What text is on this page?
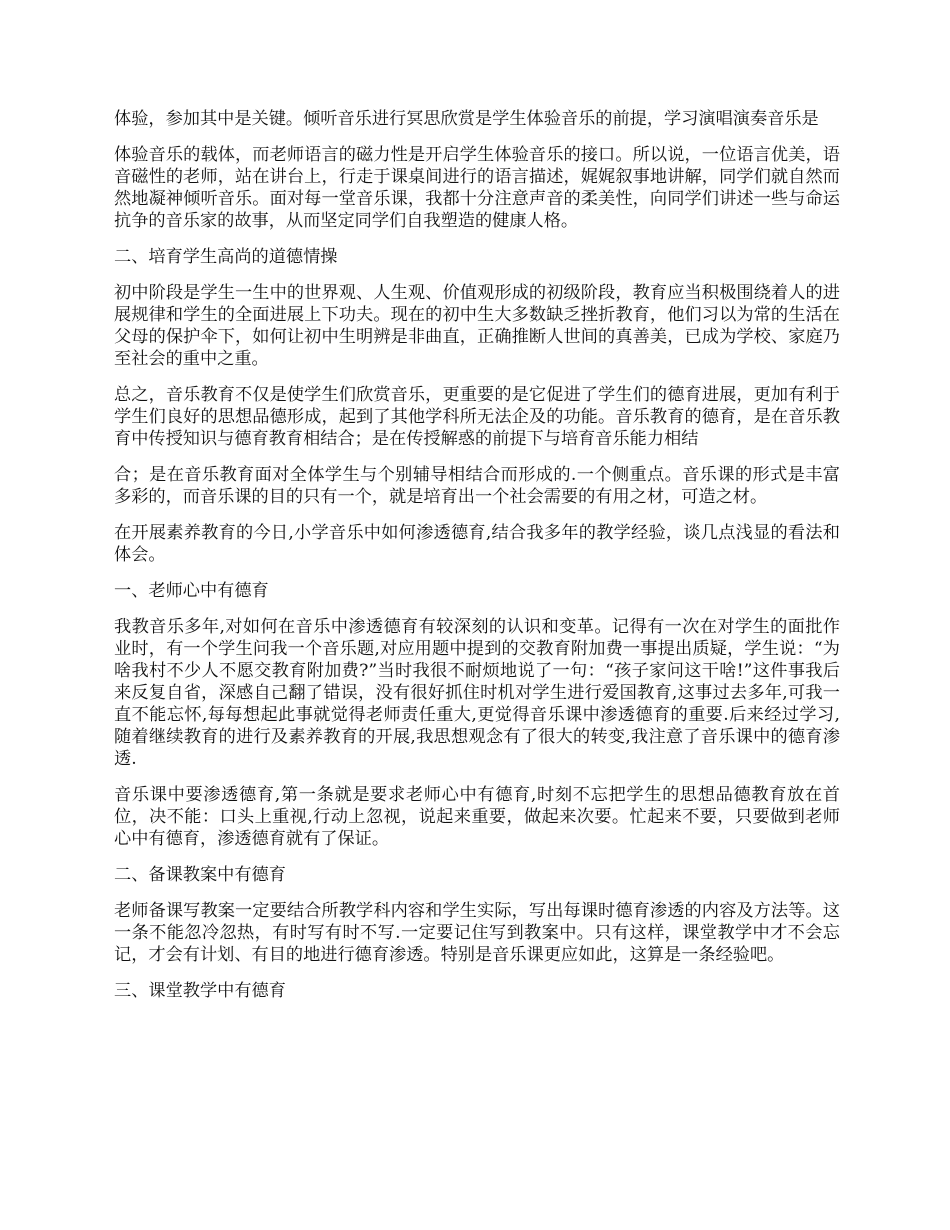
体验，参加其中是关键。倾听音乐进行冥思欣赏是学生体验音乐的前提，学习演唱演奏音乐是

体验音乐的载体，而老师语言的磁力性是开启学生体验音乐的接口。所以说，一位语言优美，语音磁性的老师，站在讲台上，行走于课桌间进行的语言描述，娓娓叙事地讲解，同学们就自然而然地凝神倾听音乐。面对每一堂音乐课，我都十分注意声音的柔美性，向同学们讲述一些与命运抗争的音乐家的故事，从而坚定同学们自我塑造的健康人格。

二、培育学生高尚的道德情操

初中阶段是学生一生中的世界观、人生观、价值观形成的初级阶段，教育应当积极围绕着人的进展规律和学生的全面进展上下功夫。现在的初中生大多数缺乏挫折教育，他们习以为常的生活在父母的保护伞下，如何让初中生明辨是非曲直，正确推断人世间的真善美，已成为学校、家庭乃至社会的重中之重。

总之，音乐教育不仅是使学生们欣赏音乐，更重要的是它促进了学生们的德育进展，更加有利于学生们良好的思想品德形成，起到了其他学科所无法企及的功能。音乐教育的德育，是在音乐教育中传授知识与德育教育相结合；是在传授解惑的前提下与培育音乐能力相结

合；是在音乐教育面对全体学生与个别辅导相结合而形成的.一个侧重点。音乐课的形式是丰富多彩的，而音乐课的目的只有一个，就是培育出一个社会需要的有用之材，可造之材。

在开展素养教育的今日,小学音乐中如何渗透德育,结合我多年的教学经验，谈几点浅显的看法和体会。

一、老师心中有德育

我教音乐多年,对如何在音乐中渗透德育有较深刻的认识和变革。记得有一次在对学生的面批作业时，有一个学生问我一个音乐题,对应用题中提到的交教育附加费一事提出质疑，学生说：“为啥我村不少人不愿交教育附加费?”当时我很不耐烦地说了一句：“孩子家问这干啥!”这件事我后来反复自省，深感自己翻了错误，没有很好抓住时机对学生进行爱国教育,这事过去多年,可我一直不能忘怀,每每想起此事就觉得老师责任重大,更觉得音乐课中渗透德育的重要.后来经过学习,随着继续教育的进行及素养教育的开展,我思想观念有了很大的转变,我注意了音乐课中的德育渗透.

音乐课中要渗透德育,第一条就是要求老师心中有德育,时刻不忘把学生的思想品德教育放在首位，决不能：口头上重视,行动上忽视，说起来重要，做起来次要。忙起来不要，只要做到老师心中有德育，渗透德育就有了保证。

二、备课教案中有德育

老师备课写教案一定要结合所教学科内容和学生实际，写出每课时德育渗透的内容及方法等。这一条不能忽冷忽热，有时写有时不写.一定要记住写到教案中。只有这样，课堂教学中才不会忘记，才会有计划、有目的地进行德育渗透。特别是音乐课更应如此，这算是一条经验吧。

三、课堂教学中有德育
